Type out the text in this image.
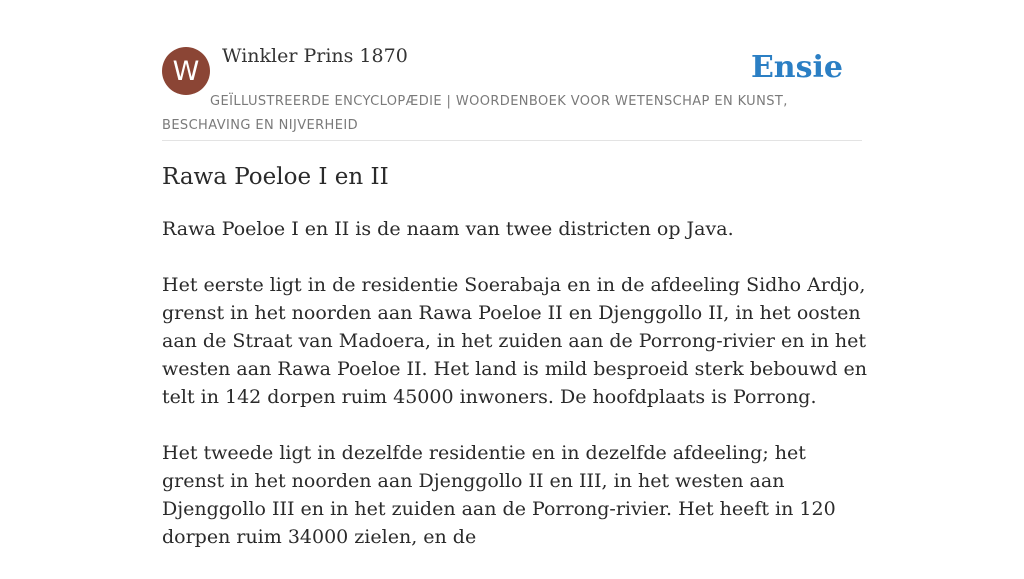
W	Winkler Prins 1870	Ensie
GEÏLLUSTREERDE ENCYCLOPÆDIE | WOORDENBOEK VOOR WETENSCHAP EN KUNST, BESCHAVING EN NIJVERHEID
Rawa Poeloe I en II

Rawa Poeloe I en II is de naam van twee districten op Java.

Het eerste ligt in de residentie Soerabaja en in de afdeeling Sidho Ardjo, grenst in het noorden aan Rawa Poeloe II en Djenggollo II, in het oosten aan de Straat van Madoera, in het zuiden aan de Porrong-rivier en in het westen aan Rawa Poeloe II. Het land is mild besproeid sterk bebouwd en telt in 142 dorpen ruim 45000 inwoners. De hoofdplaats is Porrong.

Het tweede ligt in dezelfde residentie en in dezelfde afdeeling; het grenst in het noorden aan Djenggollo II en III, in het westen aan Djenggollo III en in het zuiden aan de Porrong-rivier. Het heeft in 120 dorpen ruim 34000 zielen, en de
